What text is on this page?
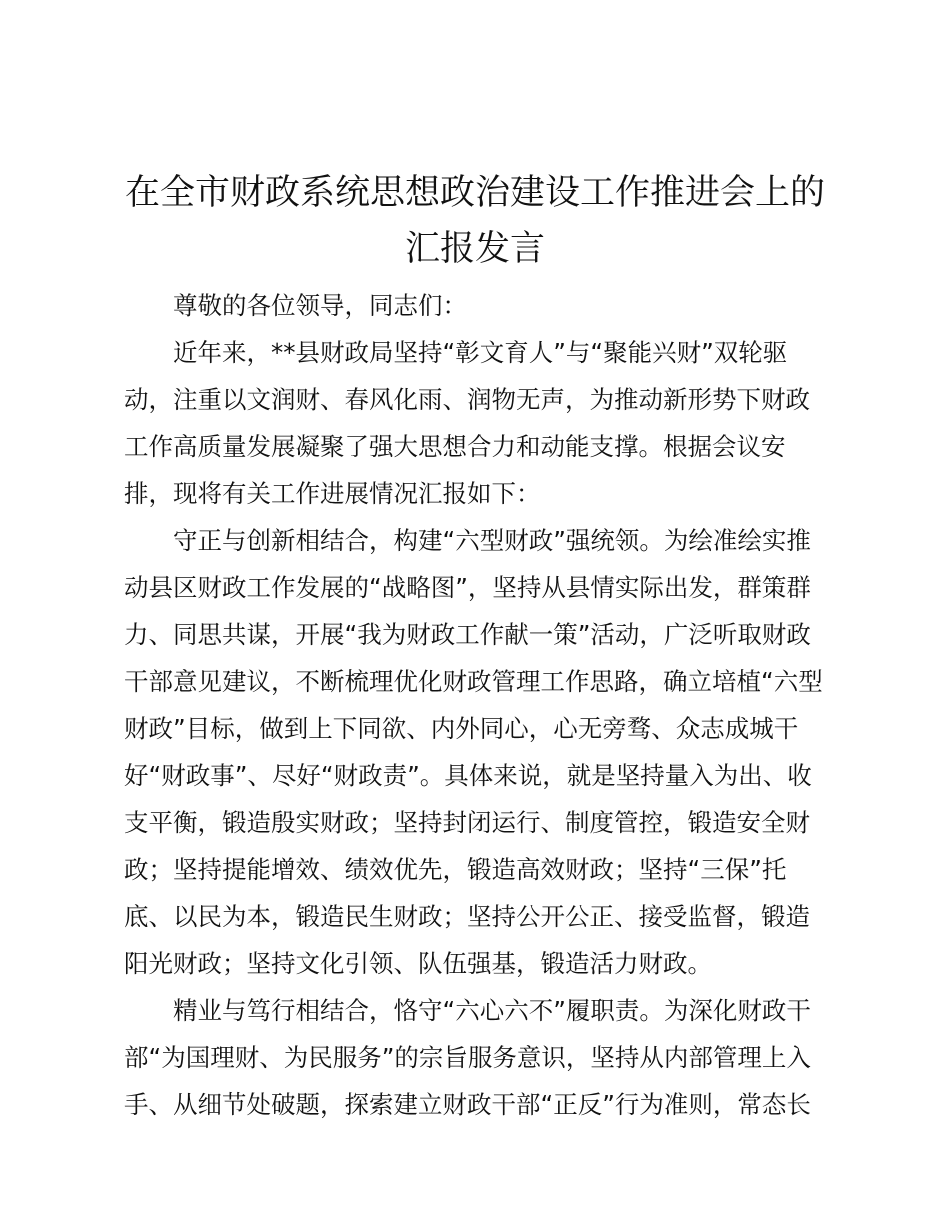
在全市财政系统思想政治建设工作推进会上的
汇报发言
尊敬的各位领导，同志们：
近年来，**县财政局坚持“彰文育人”与“聚能兴财”双轮驱
动，注重以文润财、春风化雨、润物无声，为推动新形势下财政
工作高质量发展凝聚了强大思想合力和动能支撑。根据会议安
排，现将有关工作进展情况汇报如下：
守正与创新相结合，构建“六型财政”强统领。为绘准绘实推
动县区财政工作发展的“战略图”，坚持从县情实际出发，群策群
力、同思共谋，开展“我为财政工作献一策”活动，广泛听取财政
干部意见建议，不断梳理优化财政管理工作思路，确立培植“六型
财政”目标，做到上下同欲、内外同心，心无旁骛、众志成城干
好“财政事”、尽好“财政责”。具体来说，就是坚持量入为出、收
支平衡，锻造殷实财政；坚持封闭运行、制度管控，锻造安全财
政；坚持提能增效、绩效优先，锻造高效财政；坚持“三保”托
底、以民为本，锻造民生财政；坚持公开公正、接受监督，锻造
阳光财政；坚持文化引领、队伍强基，锻造活力财政。
精业与笃行相结合，恪守“六心六不”履职责。为深化财政干
部“为国理财、为民服务”的宗旨服务意识，坚持从内部管理上入
手、从细节处破题，探索建立财政干部“正反”行为准则，常态长
